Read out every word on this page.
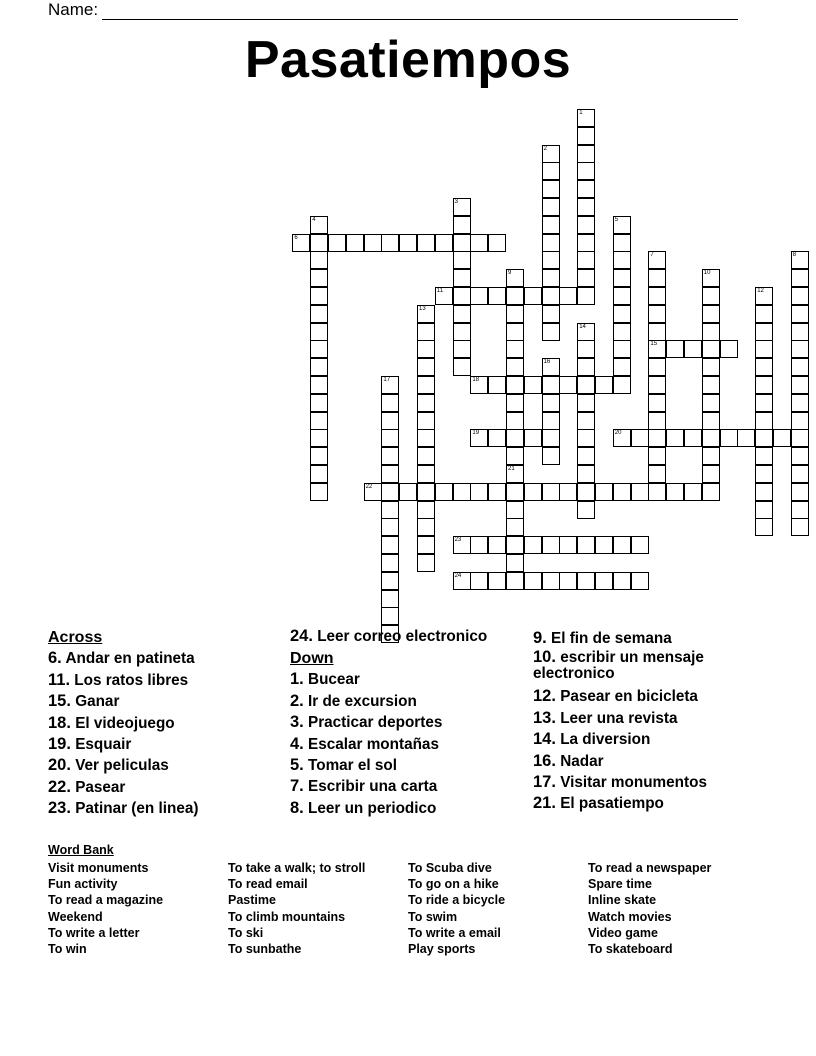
Name:
Pasatiempos
1
2
3
4	5
6
7
15
8
9	10
11	12
13
14
16
17	18
19	20
21
22
23
24
Across
6. Andar en patineta
11. Los ratos libres
15. Ganar
18. El videojuego
19. Esquair
20. Ver peliculas
22. Pasear
23. Patinar (en linea)
24. Leer correo electronico
Down
1. Bucear
2. Ir de excursion
3. Practicar deportes
4. Escalar montañas
5. Tomar el sol
7. Escribir una carta
8. Leer un periodico
9. El fin de semana
10. escribir un mensaje electronico
12. Pasear en bicicleta
13. Leer una revista
14. La diversion
16. Nadar
17. Visitar monumentos
21. El pasatiempo
Word Bank
Visit monuments
Fun activity
To read a magazine
Weekend
To write a letter
To win
To take a walk; to stroll
To read email
Pastime
To climb mountains
To ski
To sunbathe
To Scuba dive
To go on a hike
To ride a bicycle
To swim
To write a email
Play sports
To read a newspaper
Spare time
Inline skate
Watch movies
Video game
To skateboard
